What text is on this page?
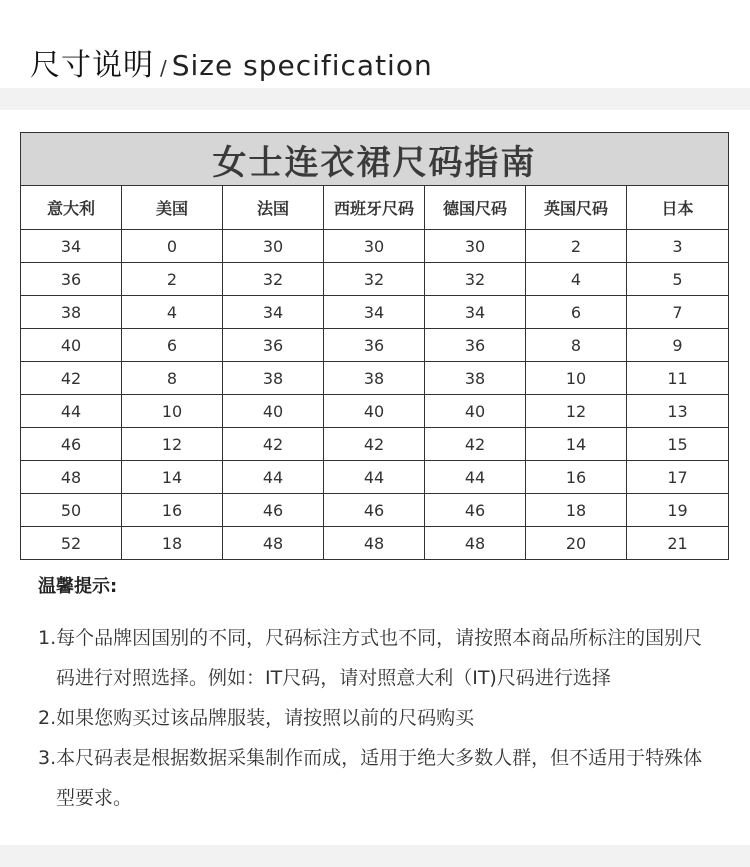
尺寸说明 / Size specification
女士连衣裙尺码指南						
意大利	美国	法国	西班牙尺码	德国尺码	英国尺码	日本
34	0	30	30	30	2	3
36	2	32	32	32	4	5
38	4	34	34	34	6	7
40	6	36	36	36	8	9
42	8	38	38	38	10	11
44	10	40	40	40	12	13
46	12	42	42	42	14	15
48	14	44	44	44	16	17
50	16	46	46	46	18	19
52	18	48	48	48	20	21
温馨提示:
1.每个品牌因国别的不同，尺码标注方式也不同，请按照本商品所标注的国别尺码进行对照选择。例如：IT尺码，请对照意大利（IT)尺码进行选择
2.如果您购买过该品牌服装，请按照以前的尺码购买
3.本尺码表是根据数据采集制作而成，适用于绝大多数人群，但不适用于特殊体型要求。
